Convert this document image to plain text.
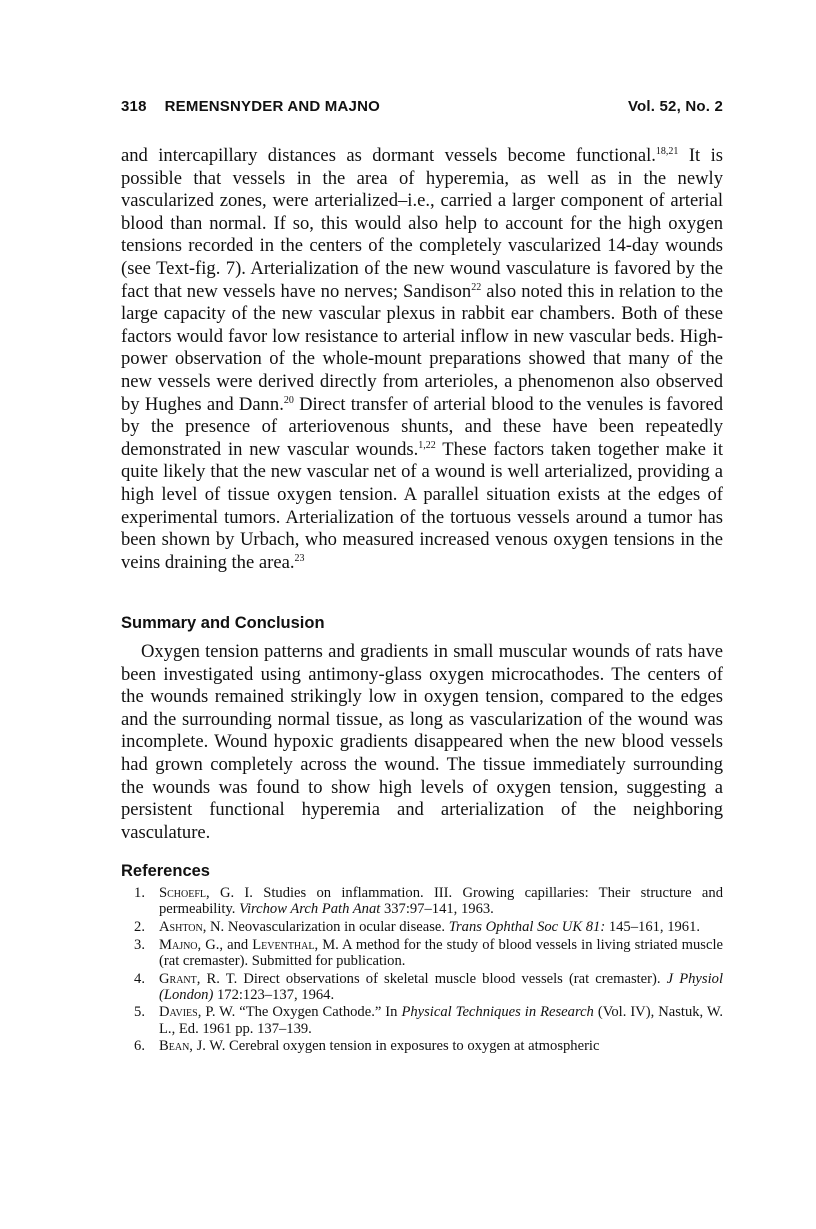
318 REMENSNYDER AND MAJNO	Vol. 52, No. 2

and intercapillary distances as dormant vessels become functional.$^{18,21}$ It is possible that vessels in the area of hyperemia, as well as in the newly vascularized zones, were arterialized–i.e., carried a larger component of arterial blood than normal. If so, this would also help to account for the high oxygen tensions recorded in the centers of the completely vascularized 14-day wounds (see Text-fig. 7). Arterialization of the new wound vasculature is favored by the fact that new vessels have no nerves; Sandison$^{22}$ also noted this in relation to the large capacity of the new vascular plexus in rabbit ear chambers. Both of these factors would favor low resistance to arterial inflow in new vascular beds. High-power observation of the whole-mount preparations showed that many of the new vessels were derived directly from arterioles, a phenomenon also observed by Hughes and Dann.$^{20}$ Direct transfer of arterial blood to the venules is favored by the presence of arteriovenous shunts, and these have been repeatedly demonstrated in new vascular wounds.$^{1,22}$ These factors taken together make it quite likely that the new vascular net of a wound is well arterialized, providing a high level of tissue oxygen tension. A parallel situation exists at the edges of experimental tumors. Arterialization of the tortuous vessels around a tumor has been shown by Urbach, who measured increased venous oxygen tensions in the veins draining the area.$^{23}$

Summary and Conclusion

Oxygen tension patterns and gradients in small muscular wounds of rats have been investigated using antimony-glass oxygen microcathodes. The centers of the wounds remained strikingly low in oxygen tension, compared to the edges and the surrounding normal tissue, as long as vascularization of the wound was incomplete. Wound hypoxic gradients disappeared when the new blood vessels had grown completely across the wound. The tissue immediately surrounding the wounds was found to show high levels of oxygen tension, suggesting a persistent functional hyperemia and arterialization of the neighboring vasculature.

References
1. Schoefl, G. I. Studies on inflammation. III. Growing capillaries: Their structure and permeability. Virchow Arch Path Anat 337:97–141, 1963.
2. Ashton, N. Neovascularization in ocular disease. Trans Ophthal Soc UK 81: 145–161, 1961.
3. Majno, G., and Leventhal, M. A method for the study of blood vessels in living striated muscle (rat cremaster). Submitted for publication.
4. Grant, R. T. Direct observations of skeletal muscle blood vessels (rat cremaster). J Physiol (London) 172:123–137, 1964.
5. Davies, P. W. “The Oxygen Cathode.” In Physical Techniques in Research (Vol. IV), Nastuk, W. L., Ed. 1961 pp. 137–139.
6. Bean, J. W. Cerebral oxygen tension in exposures to oxygen at atmospheric
